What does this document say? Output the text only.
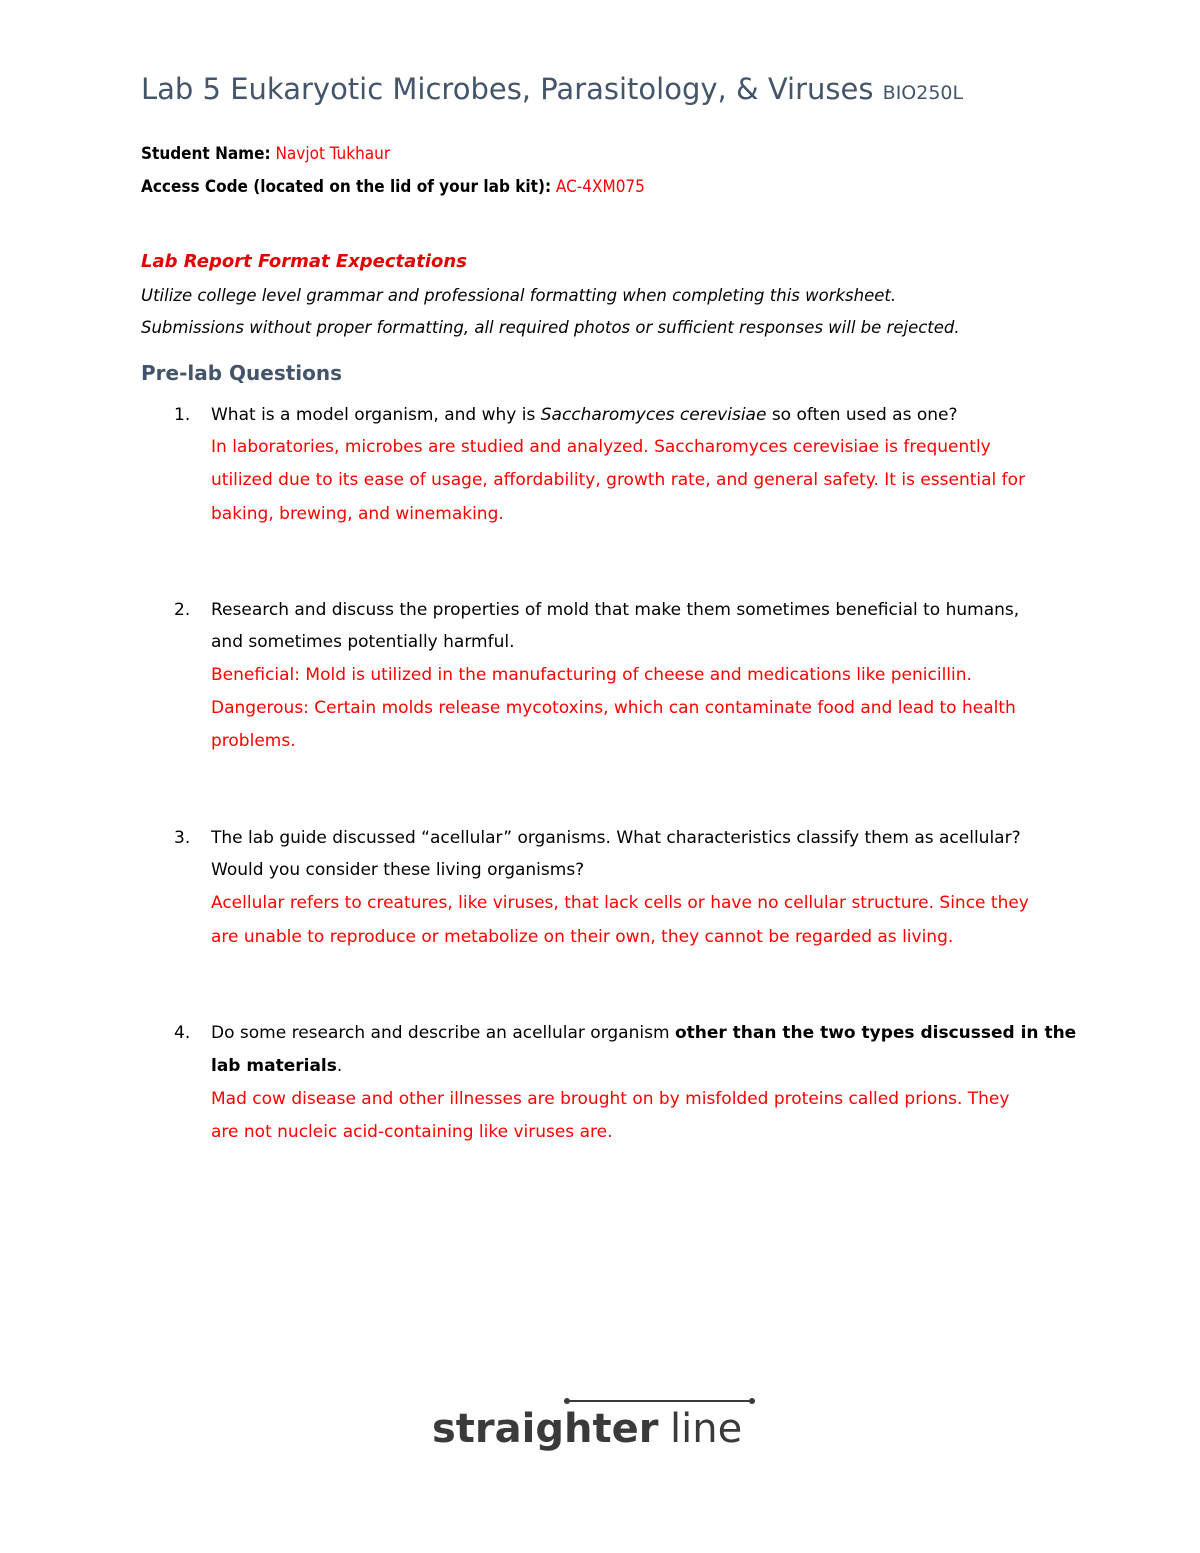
Lab 5 Eukaryotic Microbes, Parasitology, & Viruses BIO250L
Student Name: Navjot Tukhaur
Access Code (located on the lid of your lab kit): AC-4XM075
Lab Report Format Expectations
Utilize college level grammar and professional formatting when completing this worksheet.
Submissions without proper formatting, all required photos or sufficient responses will be rejected.
Pre-lab Questions
1. What is a model organism, and why is Saccharomyces cerevisiae so often used as one?
In laboratories, microbes are studied and analyzed. Saccharomyces cerevisiae is frequently
utilized due to its ease of usage, affordability, growth rate, and general safety. It is essential for
baking, brewing, and winemaking.
2. Research and discuss the properties of mold that make them sometimes beneficial to humans,
and sometimes potentially harmful.
Beneficial: Mold is utilized in the manufacturing of cheese and medications like penicillin.
Dangerous: Certain molds release mycotoxins, which can contaminate food and lead to health
problems.
3. The lab guide discussed “acellular” organisms. What characteristics classify them as acellular?
Would you consider these living organisms?
Acellular refers to creatures, like viruses, that lack cells or have no cellular structure. Since they
are unable to reproduce or metabolize on their own, they cannot be regarded as living.
4. Do some research and describe an acellular organism other than the two types discussed in the
lab materials.
Mad cow disease and other illnesses are brought on by misfolded proteins called prions. They
are not nucleic acid-containing like viruses are.
straighter line
